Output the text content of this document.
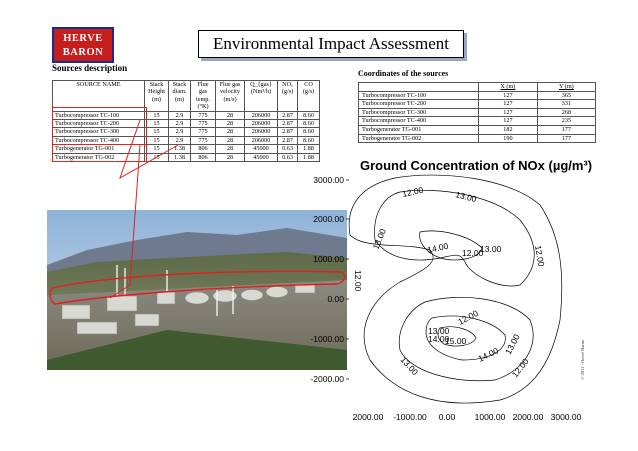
HERVE
BARON	Environmental Impact Assessment
Sources description
SOURCE NAME	Stack Height (m)	Stack diam. (m)	Flue gas temp. (°K)	Flue gas velocity (m/s)	Q_{gas} (Nm³/h)	NOₓ (g/s)	CO (g/s)
Turbocompressor TC-100	15	2.9	775	28	206000	2.87	8.60
Turbocompressor TC-200	15	2.9	775	28	206000	2.87	8.60
Turbocompressor TC-300	15	2.9	775	28	206000	2.87	8.60
Turbocompressor TC-400	15	2.9	775	28	206000	2.87	8.60
Turbogenerator TG-001	15	1.38	806	28	45000	0.63	1.88
Turbogenerator TG-002	15	1.38	806	28	45000	0.63	1.88
Coordinates of the sources
	X (m)	Y (m)
Turbocompressor TC-100	127	365
Turbocompressor TC-200	127	331
Turbocompressor TC-300	127	268
Turbocompressor TC-400	127	235
Turbogenerator TG-001	182	177
Turbogenerator TG-002	190	177
Ground Concentration of NOx (µg/m³)
3000.00
2000.00
1000.00
0.00
-1000.00
-2000.00
2000.00 -1000.00 0.00 1000.00 2000.00 3000.00
12.00	13.00
13.00	14.00 12.00
13.00	12.00
12.00
12.00
13.00
14.00
15.00	13.00
14.00
13.00	12.00	© 2011 - Hervé Baron
